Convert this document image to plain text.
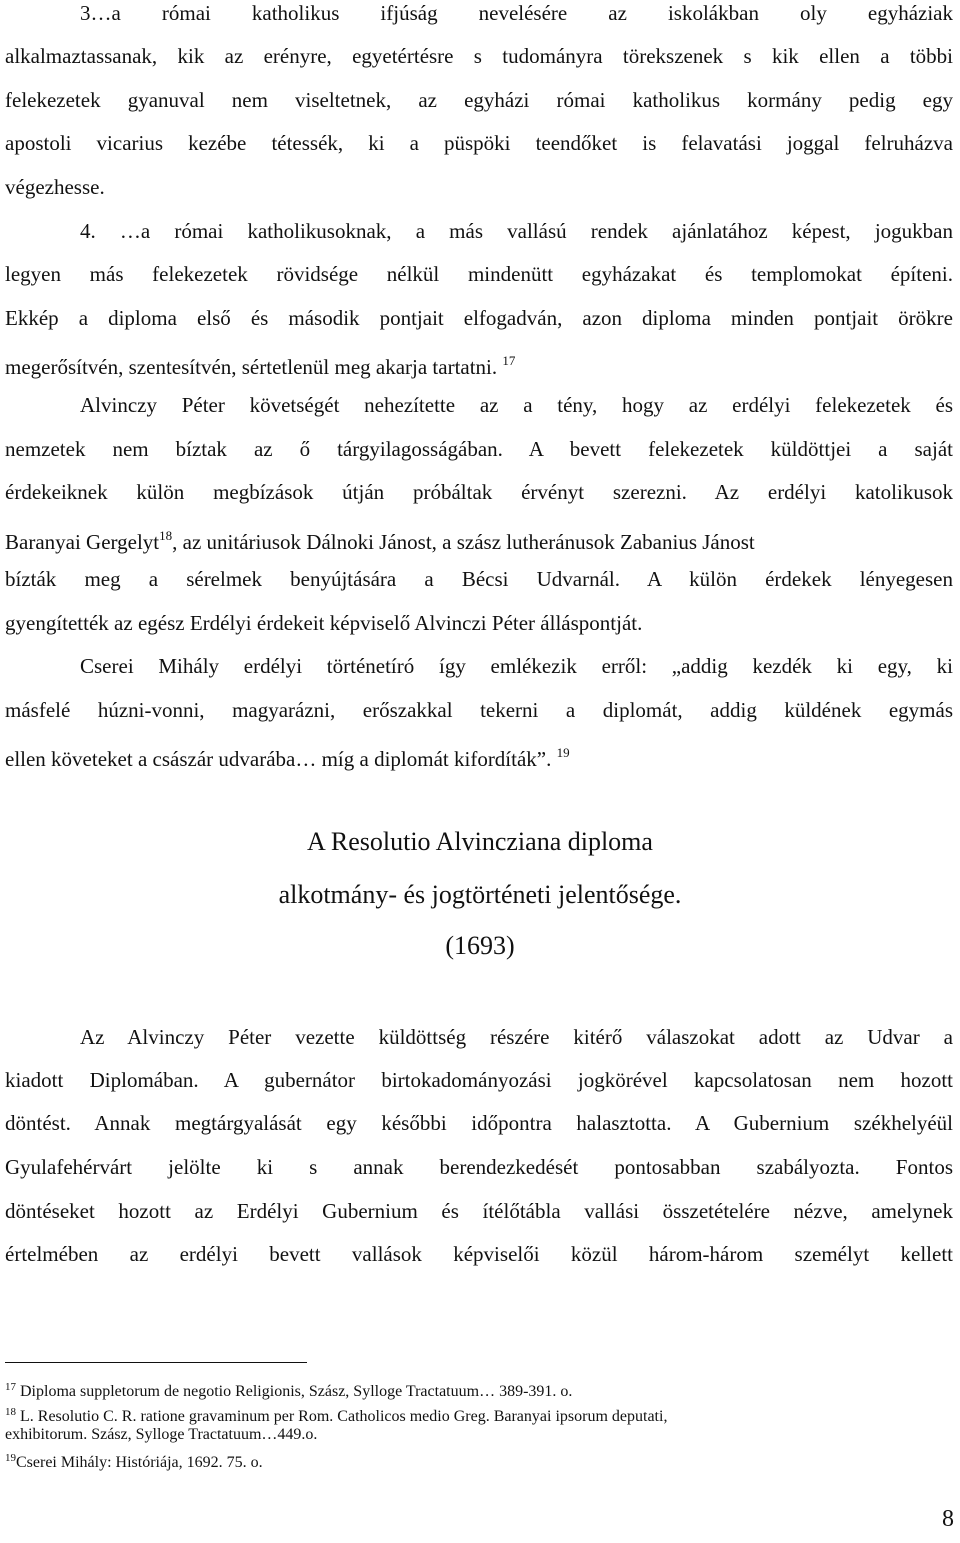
3…a római katholikus ifjúság nevelésére az iskolákban oly egyháziak
alkalmaztassanak, kik az erényre, egyetértésre s tudományra törekszenek s kik ellen a többi
felekezetek gyanuval nem viseltetnek, az egyházi római katholikus kormány pedig egy
apostoli vicarius kezébe tétessék, ki a püspöki teendőket is felavatási joggal felruházva
végezhesse.
4. …a római katholikusoknak, a más vallású rendek ajánlatához képest, jogukban
legyen más felekezetek rövidsége nélkül mindenütt egyházakat és templomokat építeni.
Ekkép a diploma első és második pontjait elfogadván, azon diploma minden pontjait örökre
megerősítvén, szentesítvén, sértetlenül meg akarja tartatni. $^{17}$
Alvinczy Péter követségét nehezítette az a tény, hogy az erdélyi felekezetek és
nemzetek nem bíztak az ő tárgyilagosságában. A bevett felekezetek küldöttjei a saját
érdekeiknek külön megbízások útján próbáltak érvényt szerezni. Az erdélyi katolikusok
Baranyai Gergelyt$^{18}$, az unitáriusok Dálnoki Jánost, a szász lutheránusok Zabanius Jánost
bízták meg a sérelmek benyújtására a Bécsi Udvarnál. A külön érdekek lényegesen
gyengítették az egész Erdélyi érdekeit képviselő Alvinczi Péter álláspontját.
Cserei Mihály erdélyi történetíró így emlékezik erről: „addig kezdék ki egy, ki
másfelé húzni-vonni, magyarázni, erőszakkal tekerni a diplomát, addig küldének egymás
ellen követeket a császár udvarába… míg a diplomát kifordíták”. $^{19}$
A Resolutio Alvincziana diploma
alkotmány- és jogtörténeti jelentősége.
(1693)
Az Alvinczy Péter vezette küldöttség részére kitérő válaszokat adott az Udvar a
kiadott Diplomában. A gubernátor birtokadományozási jogkörével kapcsolatosan nem hozott
döntést. Annak megtárgyalását egy későbbi időpontra halasztotta. A Gubernium székhelyéül
Gyulafehérvárt jelölte ki s annak berendezkedését pontosabban szabályozta. Fontos
döntéseket hozott az Erdélyi Gubernium és ítélőtábla vallási összetételére nézve, amelynek
értelmében az erdélyi bevett vallások képviselői közül három-három személyt kellett
$^{17}$ Diploma suppletorum de negotio Religionis, Szász, Sylloge Tractatuum… 389-391. o.
$^{18}$ L. Resolutio C. R. ratione gravaminum per Rom. Catholicos medio Greg. Baranyai ipsorum deputati,
exhibitorum. Szász, Sylloge Tractatuum…449.o.
$^{19}$Cserei Mihály: Históriája, 1692. 75. o.
8
